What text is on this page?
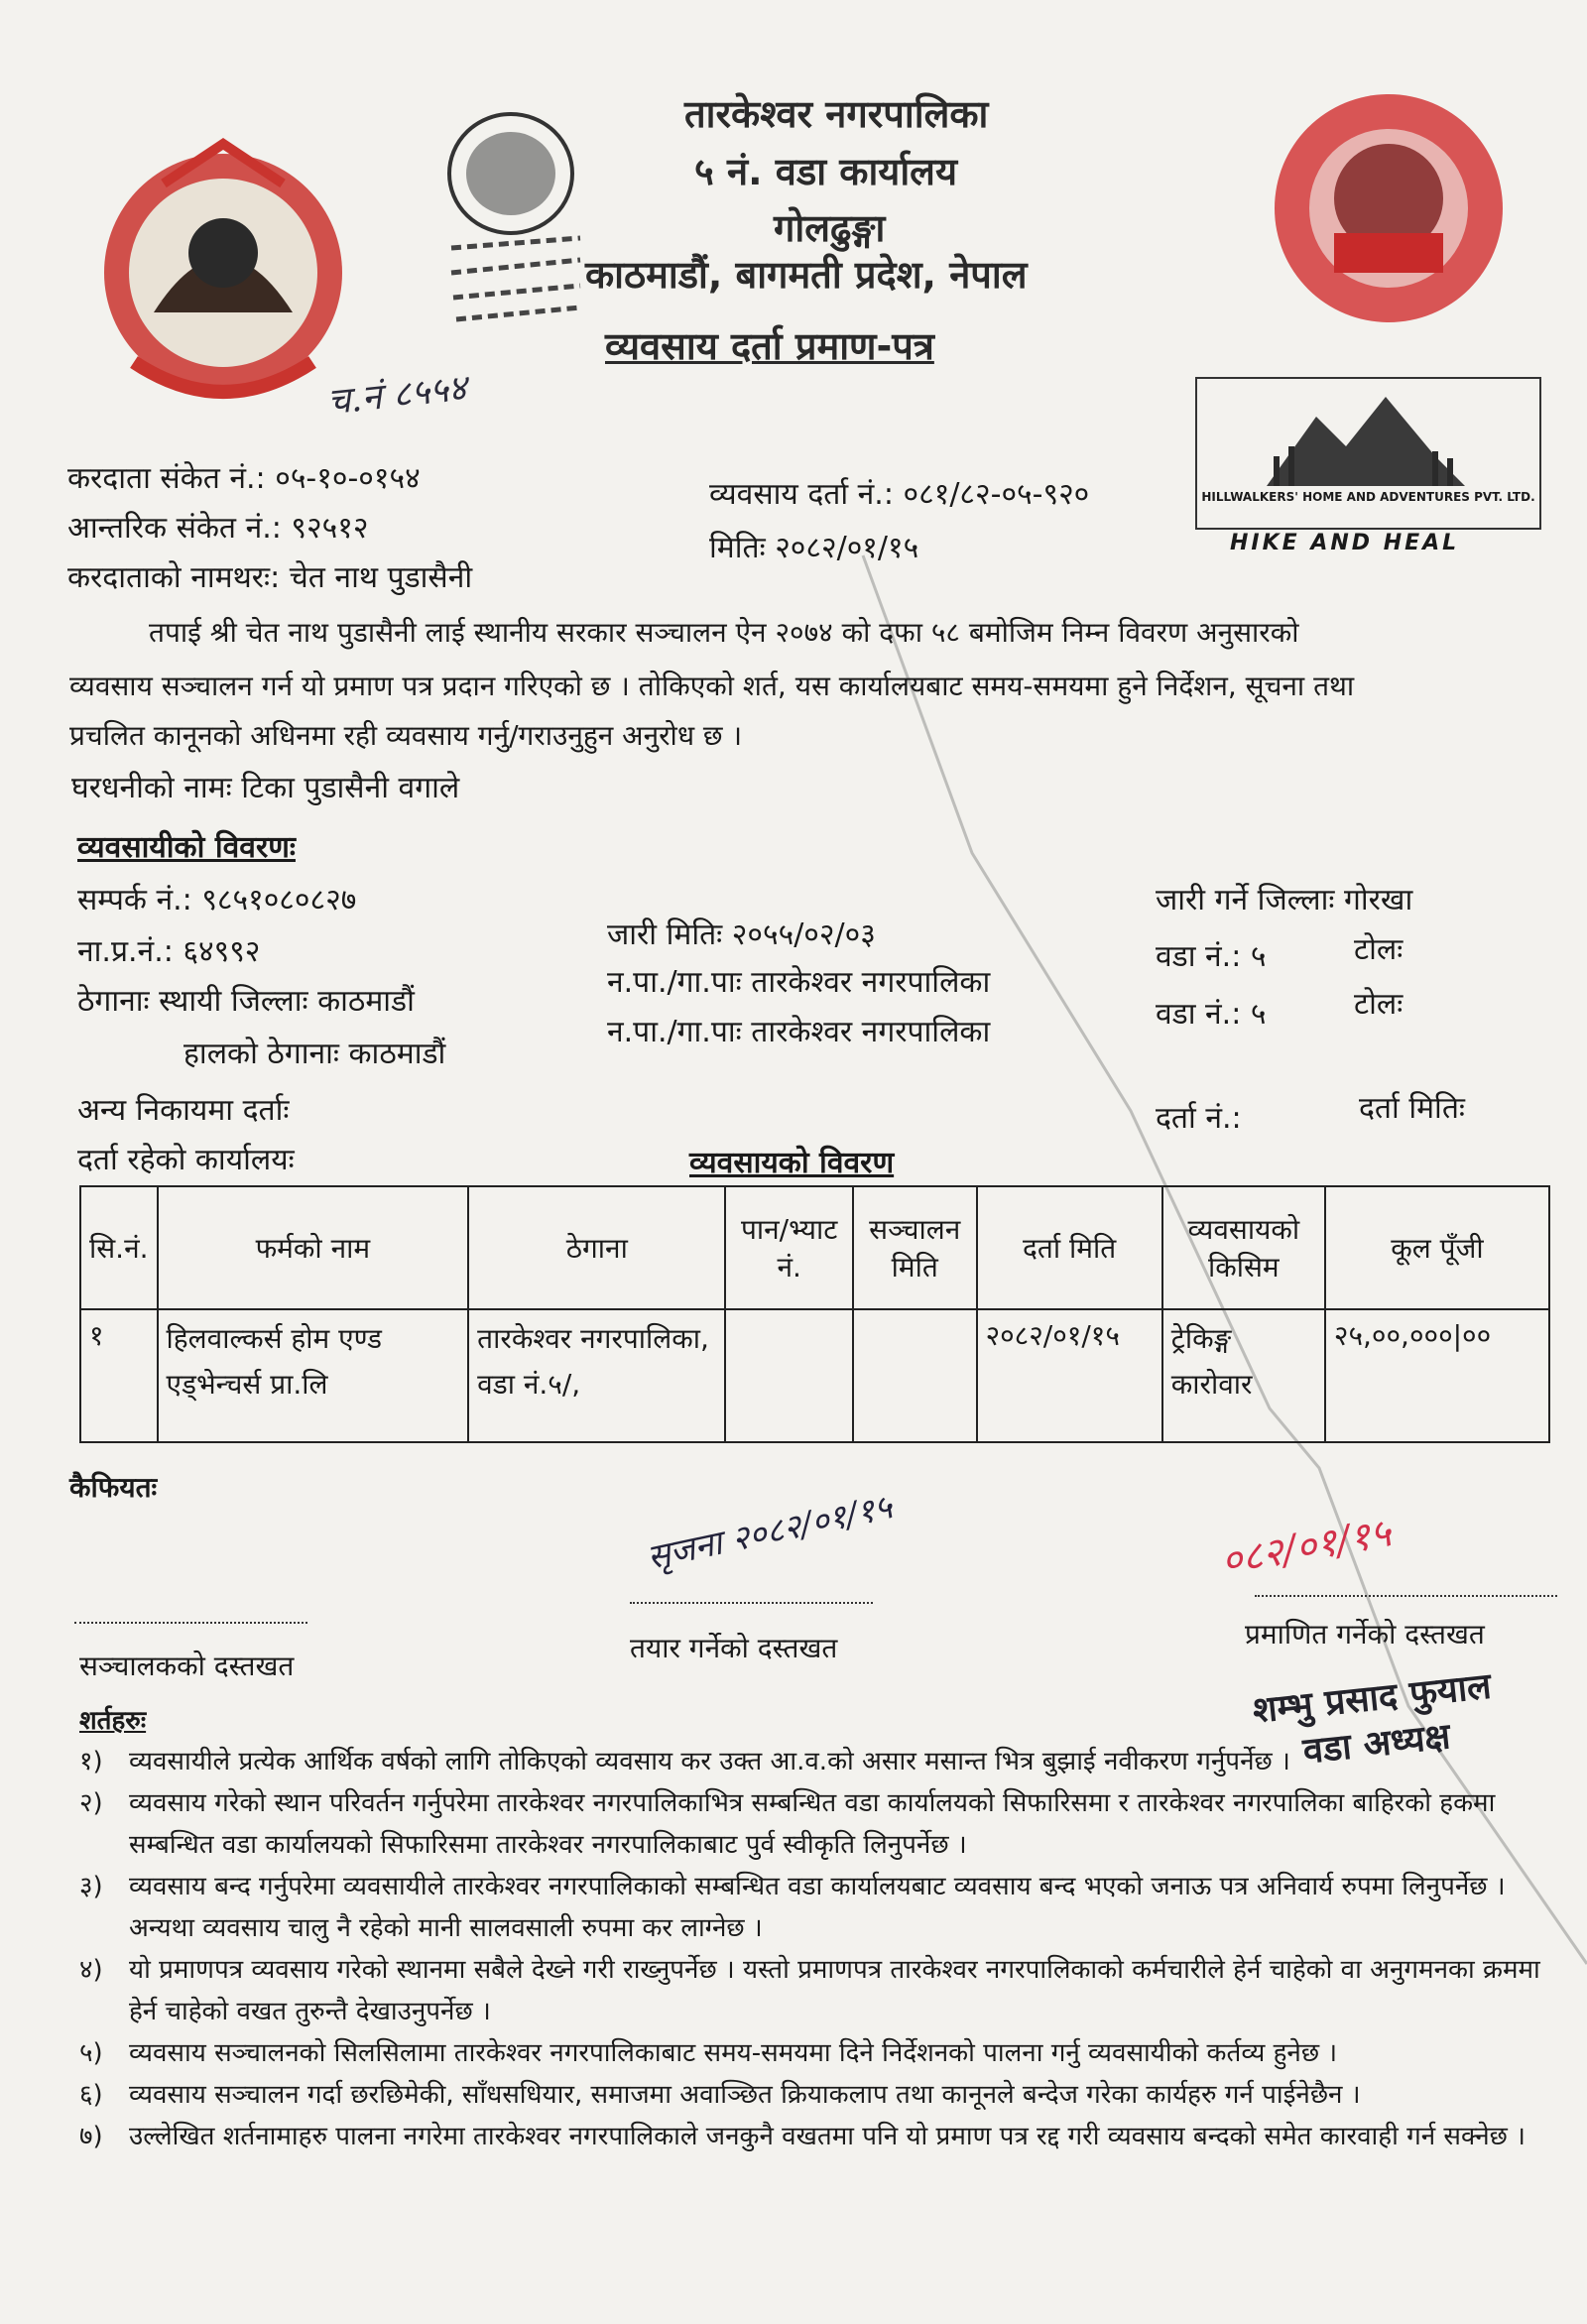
तारकेश्वर नगरपालिका
५ नं. वडा कार्यालय
गोलढुङ्गा
काठमाडौं, बागमती प्रदेश, नेपाल
व्यवसाय दर्ता प्रमाण-पत्र
च.नं ८५५४
HILLWALKERS' HOME AND ADVENTURES PVT. LTD.
HIKE AND HEAL
करदाता संकेत नं.: ०५-१०-०१५४
आन्तरिक संकेत नं.: ९२५१२
करदाताको नामथरः: चेत नाथ पुडासैनी
व्यवसाय दर्ता नं.: ०८१/८२-०५-९२०
मितिः २०८२/०१/१५
तपाई श्री चेत नाथ पुडासैनी लाई स्थानीय सरकार सञ्चालन ऐन २०७४ को दफा ५८ बमोजिम निम्न विवरण अनुसारको
व्यवसाय सञ्चालन गर्न यो प्रमाण पत्र प्रदान गरिएको छ । तोकिएको शर्त, यस कार्यालयबाट समय-समयमा हुने निर्देशन, सूचना तथा
प्रचलित कानूनको अधिनमा रही व्यवसाय गर्नु/गराउनुहुन अनुरोध छ ।
घरधनीको नामः टिका पुडासैनी वगाले
व्यवसायीको विवरणः
सम्पर्क नं.: ९८५१०८०८२७
ना.प्र.नं.: ६४९९२
ठेगानाः स्थायी जिल्लाः काठमाडौं
हालको ठेगानाः काठमाडौं
अन्य निकायमा दर्ताः
दर्ता रहेको कार्यालयः
जारी मितिः २०५५/०२/०३
न.पा./गा.पाः तारकेश्वर नगरपालिका
न.पा./गा.पाः तारकेश्वर नगरपालिका
जारी गर्ने जिल्लाः गोरखा
वडा नं.: ५	टोलः
वडा नं.: ५	टोलः
दर्ता नं.:	दर्ता मितिः
व्यवसायको विवरण
सि.नं.	फर्मको नाम	ठेगाना	पान/भ्याट नं.	सञ्चालन मिति	दर्ता मिति	व्यवसायको किसिम	कूल पूँजी
१	हिलवाल्कर्स होम एण्ड एड्भेन्चर्स प्रा.लि	तारकेश्वर नगरपालिका, वडा नं.५/,			२०८२/०१/१५	ट्रेकिङ्ग कारोवार	२५,००,०००|००
कैफियतः	सृजना २०८२/०१/१५	०८२/०१/१५
सञ्चालकको दस्तखत
तयार गर्नेको दस्तखत	प्रमाणित गर्नेको दस्तखत
शम्भु प्रसाद फुयाल
वडा अध्यक्ष
शर्तहरुः
१)	व्यवसायीले प्रत्येक आर्थिक वर्षको लागि तोकिएको व्यवसाय कर उक्त आ.व.को असार मसान्त भित्र बुझाई नवीकरण गर्नुपर्नेछ ।
२)	व्यवसाय गरेको स्थान परिवर्तन गर्नुपरेमा तारकेश्वर नगरपालिकाभित्र सम्बन्धित वडा कार्यालयको सिफारिसमा र तारकेश्वर नगरपालिका बाहिरको हकमा सम्बन्धित वडा कार्यालयको सिफारिसमा तारकेश्वर नगरपालिकाबाट पुर्व स्वीकृति लिनुपर्नेछ ।
३)	व्यवसाय बन्द गर्नुपरेमा व्यवसायीले तारकेश्वर नगरपालिकाको सम्बन्धित वडा कार्यालयबाट व्यवसाय बन्द भएको जनाऊ पत्र अनिवार्य रुपमा लिनुपर्नेछ । अन्यथा व्यवसाय चालु नै रहेको मानी सालवसाली रुपमा कर लाग्नेछ ।
४)	यो प्रमाणपत्र व्यवसाय गरेको स्थानमा सबैले देख्ने गरी राख्नुपर्नेछ । यस्तो प्रमाणपत्र तारकेश्वर नगरपालिकाको कर्मचारीले हेर्न चाहेको वा अनुगमनका क्रममा हेर्न चाहेको वखत तुरुन्तै देखाउनुपर्नेछ ।
५)	व्यवसाय सञ्चालनको सिलसिलामा तारकेश्वर नगरपालिकाबाट समय-समयमा दिने निर्देशनको पालना गर्नु व्यवसायीको कर्तव्य हुनेछ ।
६)	व्यवसाय सञ्चालन गर्दा छरछिमेकी, साँधसधियार, समाजमा अवाञ्छित क्रियाकलाप तथा कानूनले बन्देज गरेका कार्यहरु गर्न पाईनेछैन ।
७)	उल्लेखित शर्तनामाहरु पालना नगरेमा तारकेश्वर नगरपालिकाले जनकुनै वखतमा पनि यो प्रमाण पत्र रद्द गरी व्यवसाय बन्दको समेत कारवाही गर्न सक्नेछ ।
